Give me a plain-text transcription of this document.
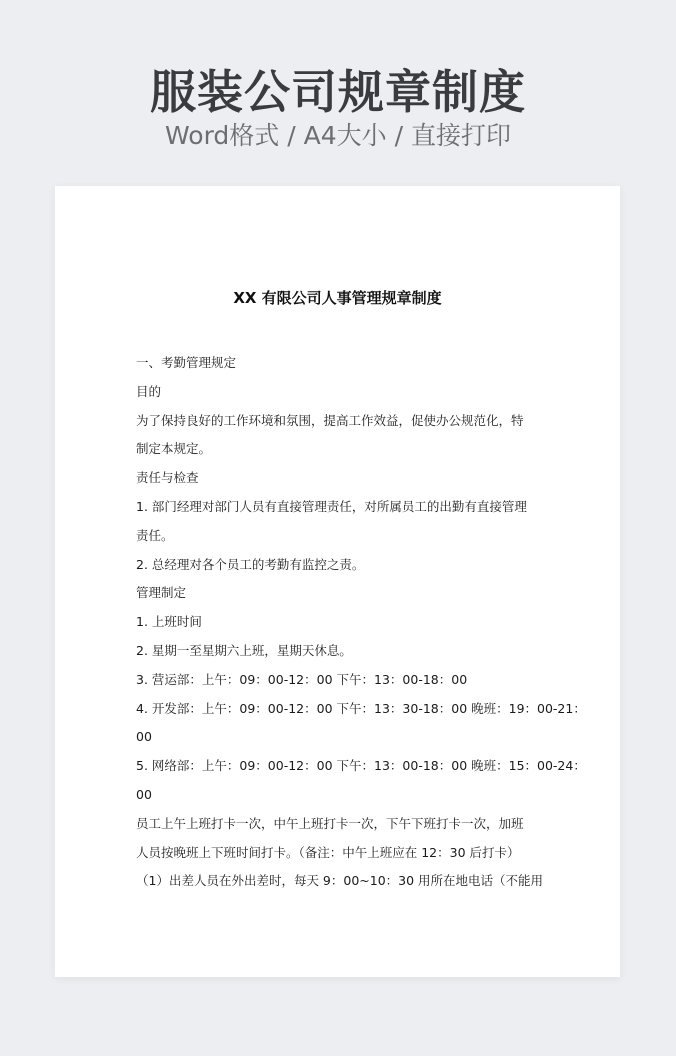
服装公司规章制度
Word格式 / A4大小 / 直接打印
XX 有限公司人事管理规章制度
一、考勤管理规定
目的
为了保持良好的工作环境和氛围，提高工作效益，促使办公规范化，特
制定本规定。
责任与检查
1. 部门经理对部门人员有直接管理责任，对所属员工的出勤有直接管理
责任。
2. 总经理对各个员工的考勤有监控之责。
管理制定
1. 上班时间
2. 星期一至星期六上班，星期天休息。
3. 营运部：上午：09：00-12：00 下午：13：00-18：00
4. 开发部：上午：09：00-12：00 下午：13：30-18：00 晚班：19：00-21：
00
5. 网络部：上午：09：00-12：00 下午：13：00-18：00 晚班：15：00-24：
00
员工上午上班打卡一次，中午上班打卡一次，下午下班打卡一次，加班
人员按晚班上下班时间打卡。（备注：中午上班应在 12：30 后打卡）
（1）出差人员在外出差时，每天 9：00~10：30 用所在地电话（不能用
